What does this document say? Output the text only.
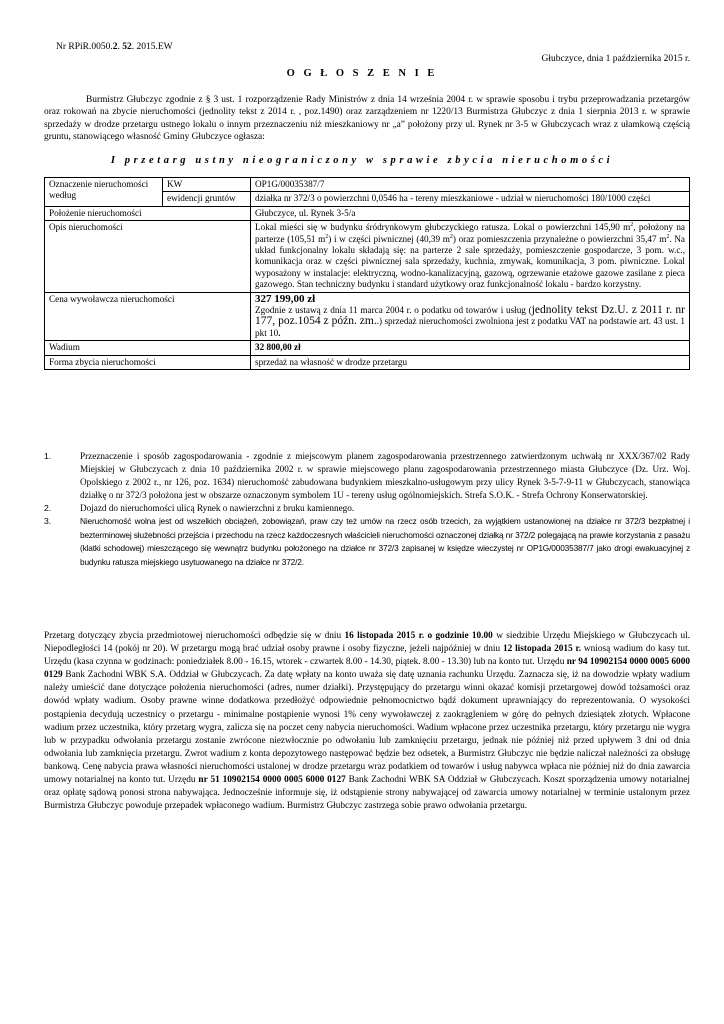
Nr RPiR.0050.2. 52. 2015.EW
Głubczyce, dnia 1 października 2015 r.
O G Ł O S Z E N I E
Burmistrz Głubczyc zgodnie z § 3 ust. 1 rozporządzenie Rady Ministrów z dnia 14 września 2004 r. w sprawie sposobu i trybu przeprowadzania przetargów oraz rokowań na zbycie nieruchomości (jednolity tekst z 2014 r. , poz.1490) oraz zarządzeniem nr 1220/13 Burmistrza Głubczyc z dnia 1 sierpnia 2013 r. w sprawie sprzedaży w drodze przetargu ustnego lokalu o innym przeznaczeniu niż mieszkaniowy nr „a” położony przy ul. Rynek nr 3-5 w Głubczycach wraz z ułamkową częścią gruntu, stanowiącego własność Gminy Głubczyce ogłasza:
I przetarg ustny nieograniczony w sprawie zbycia nieruchomości
Oznaczenie nieruchomości według	KW	OP1G/00035387/7
	ewidencji gruntów	działka nr 372/3 o powierzchni 0,0546 ha - tereny mieszkaniowe - udział w nieruchomości 180/1000 części
Położenie nieruchomości		Głubczyce, ul. Rynek 3-5/a
Opis nieruchomości		Lokal mieści się w budynku śródrynkowym głubczyckiego ratusza. Lokal o powierzchni 145,90 $m^2$, położony na parterze (105,51 $m^2$) i w części piwnicznej (40,39 $m^2$) oraz pomieszczenia przynależne o powierzchni 35,47 $m^2$. Na układ funkcjonalny lokalu składają się: na parterze 2 sale sprzedaży, pomieszczenie gospodarcze, 3 pom. w.c., komunikacja oraz w części piwnicznej sala sprzedaży, kuchnia, zmywak, komunikacja, 3 pom. piwniczne. Lokal wyposażony w instalacje: elektryczną, wodno-kanalizacyjną, gazową, ogrzewanie etażowe gazowe zasilane z pieca gazowego. Stan techniczny budynku i standard użytkowy oraz funkcjonalność lokalu - bardzo korzystny.
Cena wywoławcza nieruchomości		327 199,00 zł
Zgodnie z ustawą z dnia 11 marca 2004 r. o podatku od towarów i usług (jednolity tekst Dz.U. z 2011 r. nr 177, poz.1054 z późn. zm..) sprzedaż nieruchomości zwolniona jest z podatku VAT na podstawie art. 43 ust. 1 pkt 10.

Wadium		32 800,00 zł
Forma zbycia nieruchomości		sprzedaż na własność w drodze przetargu
1.	Przeznaczenie i sposób zagospodarowania - zgodnie z miejscowym planem zagospodarowania przestrzennego zatwierdzonym uchwałą nr XXX/367/02 Rady Miejskiej w Głubczycach z dnia 10 października 2002 r. w sprawie miejscowego planu zagospodarowania przestrzennego miasta Głubczyce (Dz. Urz. Woj. Opolskiego z 2002 r., nr 126, poz. 1634) nieruchomość zabudowana budynkiem mieszkalno-usługowym przy ulicy Rynek 3-5-7-9-11 w Głubczycach, stanowiąca działkę o nr 372/3 położona jest w obszarze oznaczonym symbolem 1U - tereny usług ogólnomiejskich. Strefa S.O.K. - Strefa Ochrony Konserwatorskiej.
2.	Dojazd do nieruchomości ulicą Rynek o nawierzchni z bruku kamiennego.
3.	Nieruchomość wolna jest od wszelkich obciążeń, zobowiązań, praw czy też umów na rzecz osób trzecich, za wyjątkiem ustanowionej na działce nr 372/3 bezpłatnej i bezterminowej służebności przejścia i przechodu na rzecz każdoczesnych właścicieli nieruchomości oznaczonej działką nr 372/2 polegającą na prawie korzystania z pasażu (klatki schodowej) mieszczącego się wewnątrz budynku położonego na działce nr 372/3 zapisanej w księdze wieczystej nr OP1G/00035387/7 jako drogi ewakuacyjnej z budynku ratusza miejskiego usytuowanego na działce nr 372/2.
Przetarg dotyczący zbycia przedmiotowej nieruchomości odbędzie się w dniu 16 listopada 2015 r. o godzinie 10.00 w siedzibie Urzędu Miejskiego w Głubczycach ul. Niepodległości 14 (pokój nr 20). W przetargu mogą brać udział osoby prawne i osoby fizyczne, jeżeli najpóźniej w dniu 12 listopada 2015 r. wniosą wadium do kasy tut. Urzędu (kasa czynna w godzinach: poniedziałek 8.00 - 16.15, wtorek - czwartek 8.00 - 14.30, piątek. 8.00 - 13.30) lub na konto tut. Urzędu nr 94 10902154 0000 0005 6000 0129 Bank Zachodni WBK S.A. Oddział w Głubczycach. Za datę wpłaty na konto uważa się datę uznania rachunku Urzędu. Zaznacza się, iż na dowodzie wpłaty wadium należy umieścić dane dotyczące położenia nieruchomości (adres, numer działki). Przystępujący do przetargu winni okazać komisji przetargowej dowód tożsamości oraz dowód wpłaty wadium. Osoby prawne winne dodatkowa przedłożyć odpowiednie pełnomocnictwo bądź dokument uprawniający do reprezentowania. O wysokości postąpienia decydują uczestnicy o przetargu - minimalne postąpienie wynosi 1% ceny wywoławczej z zaokrągleniem w górę do pełnych dziesiątek złotych. Wpłacone wadium przez uczestnika, który przetarg wygra, zalicza się na poczet ceny nabycia nieruchomości. Wadium wpłacone przez uczestnika przetargu, który przetargu nie wygra lub w przypadku odwołania przetargu zostanie zwrócone niezwłocznie po odwołaniu lub zamknięciu przetargu, jednak nie później niż przed upływem 3 dni od dnia odwołania lub zamknięcia przetargu. Zwrot wadium z konta depozytowego następować będzie bez odsetek, a Burmistrz Głubczyc nie będzie naliczał należności za obsługę bankową. Cenę nabycia prawa własności nieruchomości ustalonej w drodze przetargu wraz podatkiem od towarów i usług nabywca wpłaca nie później niż do dnia zawarcia umowy notarialnej na konto tut. Urzędu nr 51 10902154 0000 0005 6000 0127 Bank Zachodni WBK SA Oddział w Głubczycach. Koszt sporządzenia umowy notarialnej oraz opłatę sądową ponosi strona nabywająca. Jednocześnie informuje się, iż odstąpienie strony nabywającej od zawarcia umowy notarialnej w terminie ustalonym przez Burmistrza Głubczyc powoduje przepadek wpłaconego wadium. Burmistrz Głubczyc zastrzega sobie prawo odwołania przetargu.
